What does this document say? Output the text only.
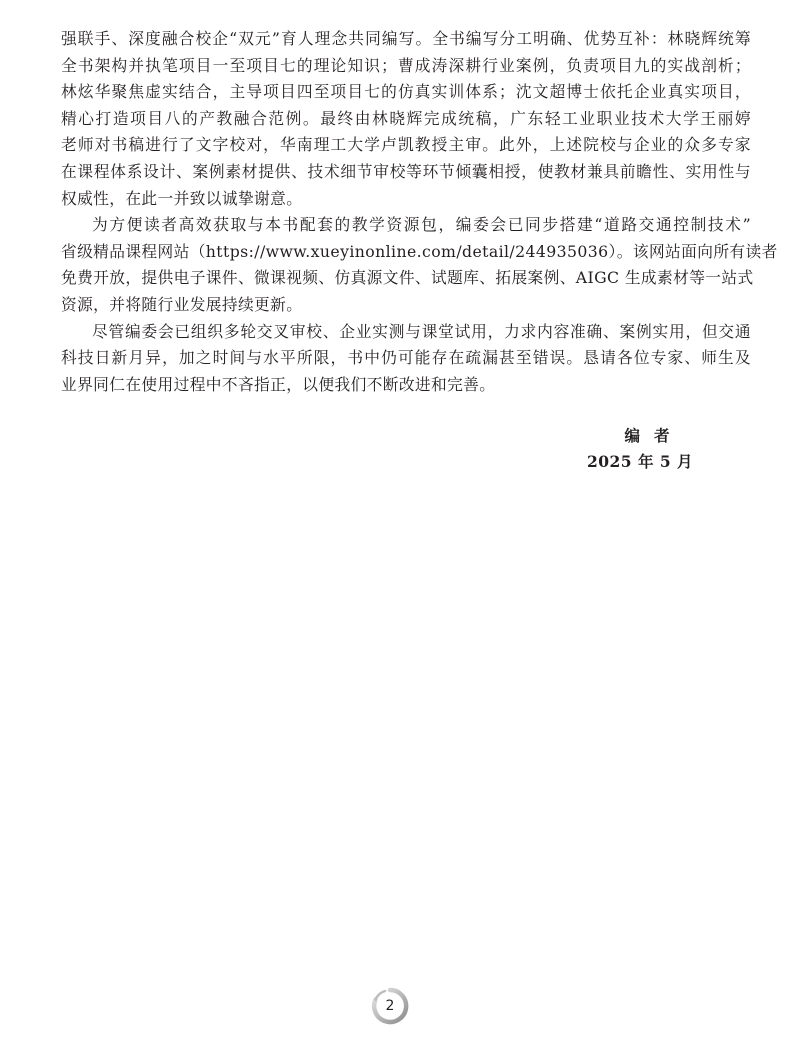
强联手、深度融合校企“双元”育人理念共同编写。全书编写分工明确、优势互补：林晓辉统筹
全书架构并执笔项目一至项目七的理论知识；曹成涛深耕行业案例，负责项目九的实战剖析；
林炫华聚焦虚实结合，主导项目四至项目七的仿真实训体系；沈文超博士依托企业真实项目，
精心打造项目八的产教融合范例。最终由林晓辉完成统稿，广东轻工业职业技术大学王丽婷
老师对书稿进行了文字校对，华南理工大学卢凯教授主审。此外，上述院校与企业的众多专家
在课程体系设计、案例素材提供、技术细节审校等环节倾囊相授，使教材兼具前瞻性、实用性与
权威性，在此一并致以诚挚谢意。
为方便读者高效获取与本书配套的教学资源包，编委会已同步搭建“道路交通控制技术”
省级精品课程网站（https://www.xueyinonline.com/detail/244935036）。该网站面向所有读者
免费开放，提供电子课件、微课视频、仿真源文件、试题库、拓展案例、AIGC 生成素材等一站式
资源，并将随行业发展持续更新。
尽管编委会已组织多轮交叉审校、企业实测与课堂试用，力求内容准确、案例实用，但交通
科技日新月异，加之时间与水平所限，书中仍可能存在疏漏甚至错误。恳请各位专家、师生及
业界同仁在使用过程中不吝指正，以便我们不断改进和完善。
编者
2025 年 5 月
2
